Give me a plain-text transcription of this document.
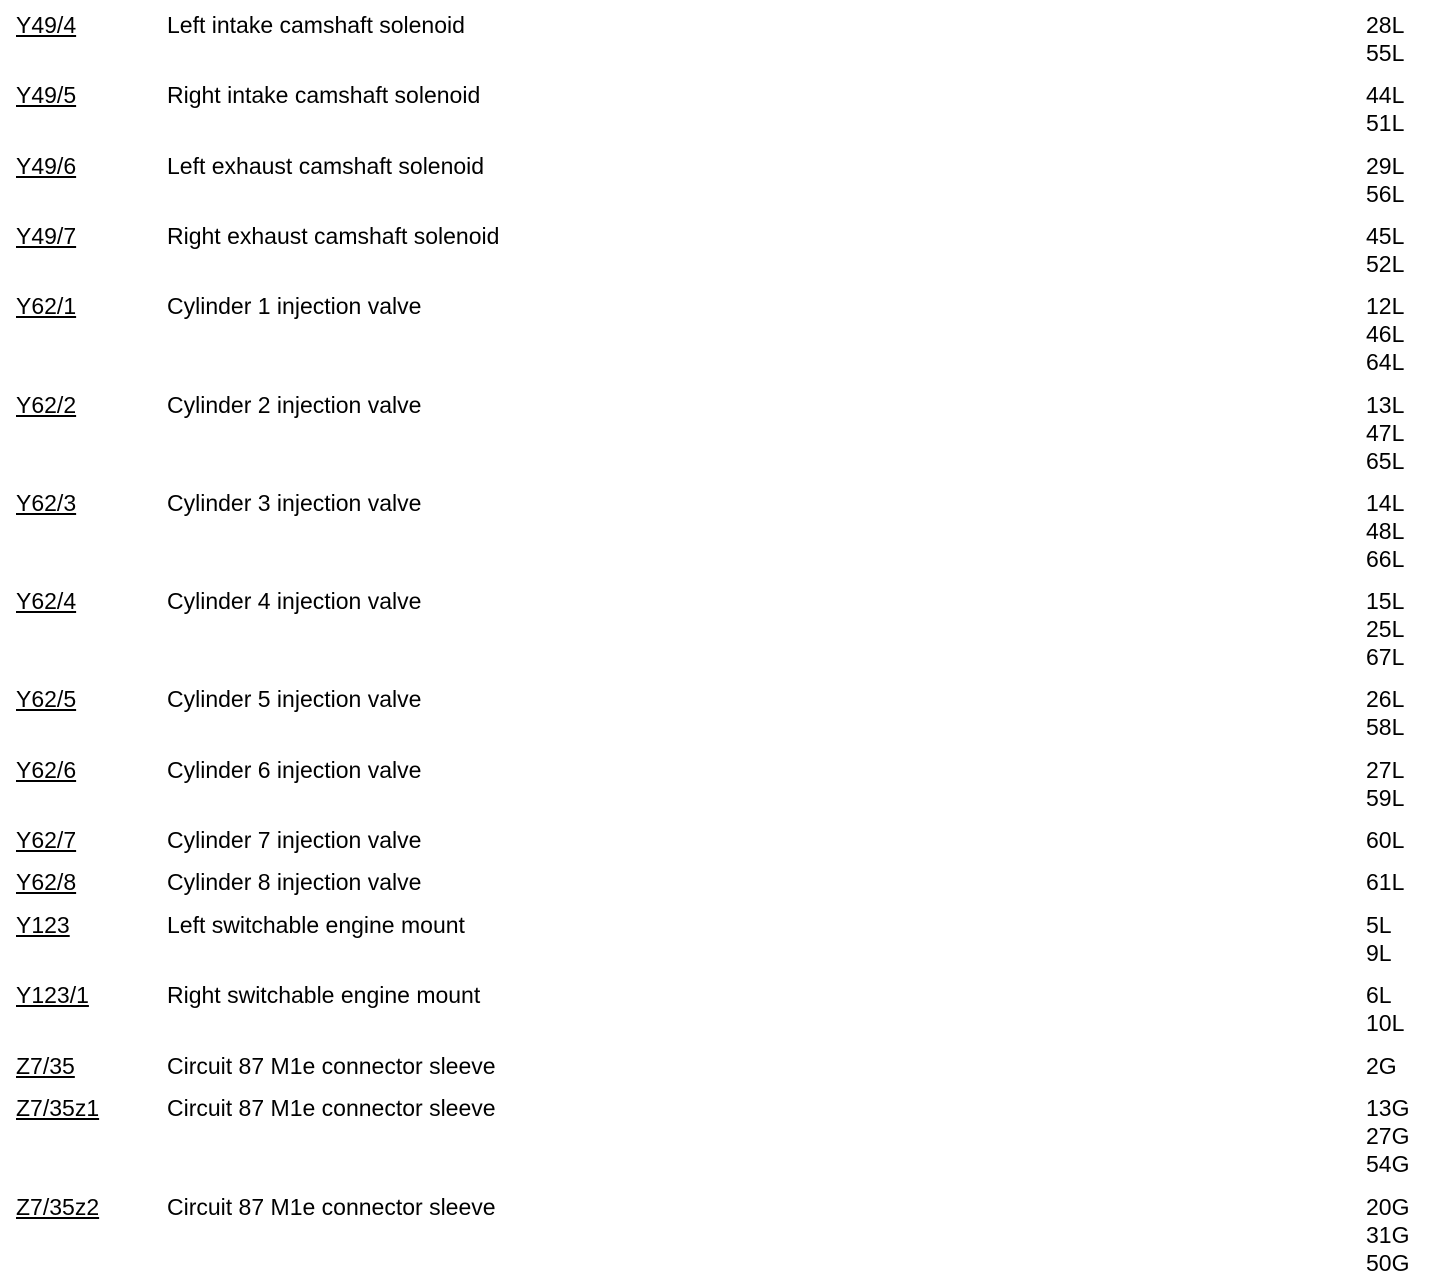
Y49/4	Left intake camshaft solenoid	28L
55L
Y49/5	Right intake camshaft solenoid	44L
51L
Y49/6	Left exhaust camshaft solenoid	29L
56L
Y49/7	Right exhaust camshaft solenoid	45L
52L
Y62/1	Cylinder 1 injection valve	12L
46L
64L
Y62/2	Cylinder 2 injection valve	13L
47L
65L
Y62/3	Cylinder 3 injection valve	14L
48L
66L
Y62/4	Cylinder 4 injection valve	15L
25L
67L
Y62/5	Cylinder 5 injection valve	26L
58L
Y62/6	Cylinder 6 injection valve	27L
59L
Y62/7	Cylinder 7 injection valve	60L
Y62/8	Cylinder 8 injection valve	61L
Y123	Left switchable engine mount	5L
9L
Y123/1	Right switchable engine mount	6L
10L
Z7/35	Circuit 87 M1e connector sleeve	2G
Z7/35z1	Circuit 87 M1e connector sleeve	13G
27G
54G
Z7/35z2	Circuit 87 M1e connector sleeve	20G
31G
50G
